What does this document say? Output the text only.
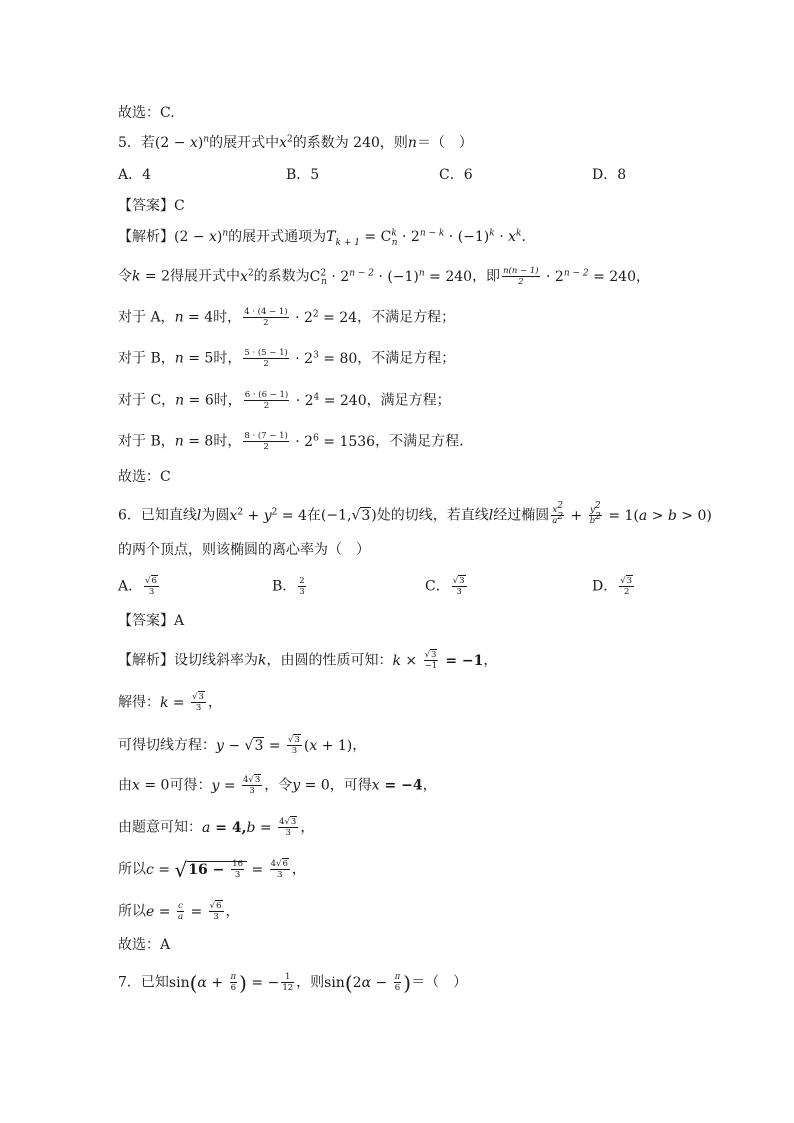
故选：C.
5．若$(2 - x)^n$的展开式中$x^2$的系数为 240，则n＝（　）
A．4	B．5	C．6	D．8
【答案】C
【解析】$(2 - x)^n$的展开式通项为$T_{k + 1} = C^k_n \cdot 2^{n - k} \cdot (-1)^k \cdot x^k$.
令k = 2得展开式中$x^2$的系数为$C^2_n \cdot 2^{n - 2} \cdot (-1)^n = 240$，即 $\frac{n(n - 1)}{2} \cdot 2^{n - 2} = 240$，
对于 A，n = 4时， $\frac{4 \cdot (4 - 1)}{2} \cdot 2^2 = 24$，不满足方程；
对于 B，n = 5时， $\frac{5 \cdot (5 - 1)}{2} \cdot 2^3 = 80$，不满足方程；
对于 C，n = 6时， $\frac{6 \cdot (6 - 1)}{2} \cdot 2^4 = 240$，满足方程；
对于 B，n = 8时， $\frac{8 \cdot (7 - 1)}{2} \cdot 2^6 = 1536$，不满足方程.
故选：C
6．已知直线l为圆$x^2 + y^2 = 4$在(−1,√3)处的切线，若直线l经过椭圆 $\frac{x^2}{a^2} + \frac{y^2}{b^2} = 1(a > b > 0)$
的两个顶点，则该椭圆的离心率为（　）
A． $\frac{√6}{3}$	B． $\frac{2}{3}$	C． $\frac{√3}{3}$	D． $\frac{√3}{2}$
【答案】A
【解析】设切线斜率为k，由圆的性质可知：$k \times \frac{√3}{-1} = -1$，
解得：$k = \frac{√3}{3}$ ，
可得切线方程：$y - √3 = \frac{√3}{3} (x + 1)$，
由x = 0可得：$y = \frac{4√3}{3}$ ，令y = 0，可得x = −4，
由题意可知：$a = 4,b = \frac{4√3}{3}$ ，
所以$c = √16 - \frac{16}{3} = \frac{4√6}{3}$ ，
所以$e = \frac{c}{a} = \frac{√6}{3}$ ，
故选：A
7．已知$\sin(\alpha + \frac{\pi}{6}$ ) = − $\frac{1}{12}$ ，则$\sin(2\alpha - \frac{\pi}{6}$ )＝（　）
